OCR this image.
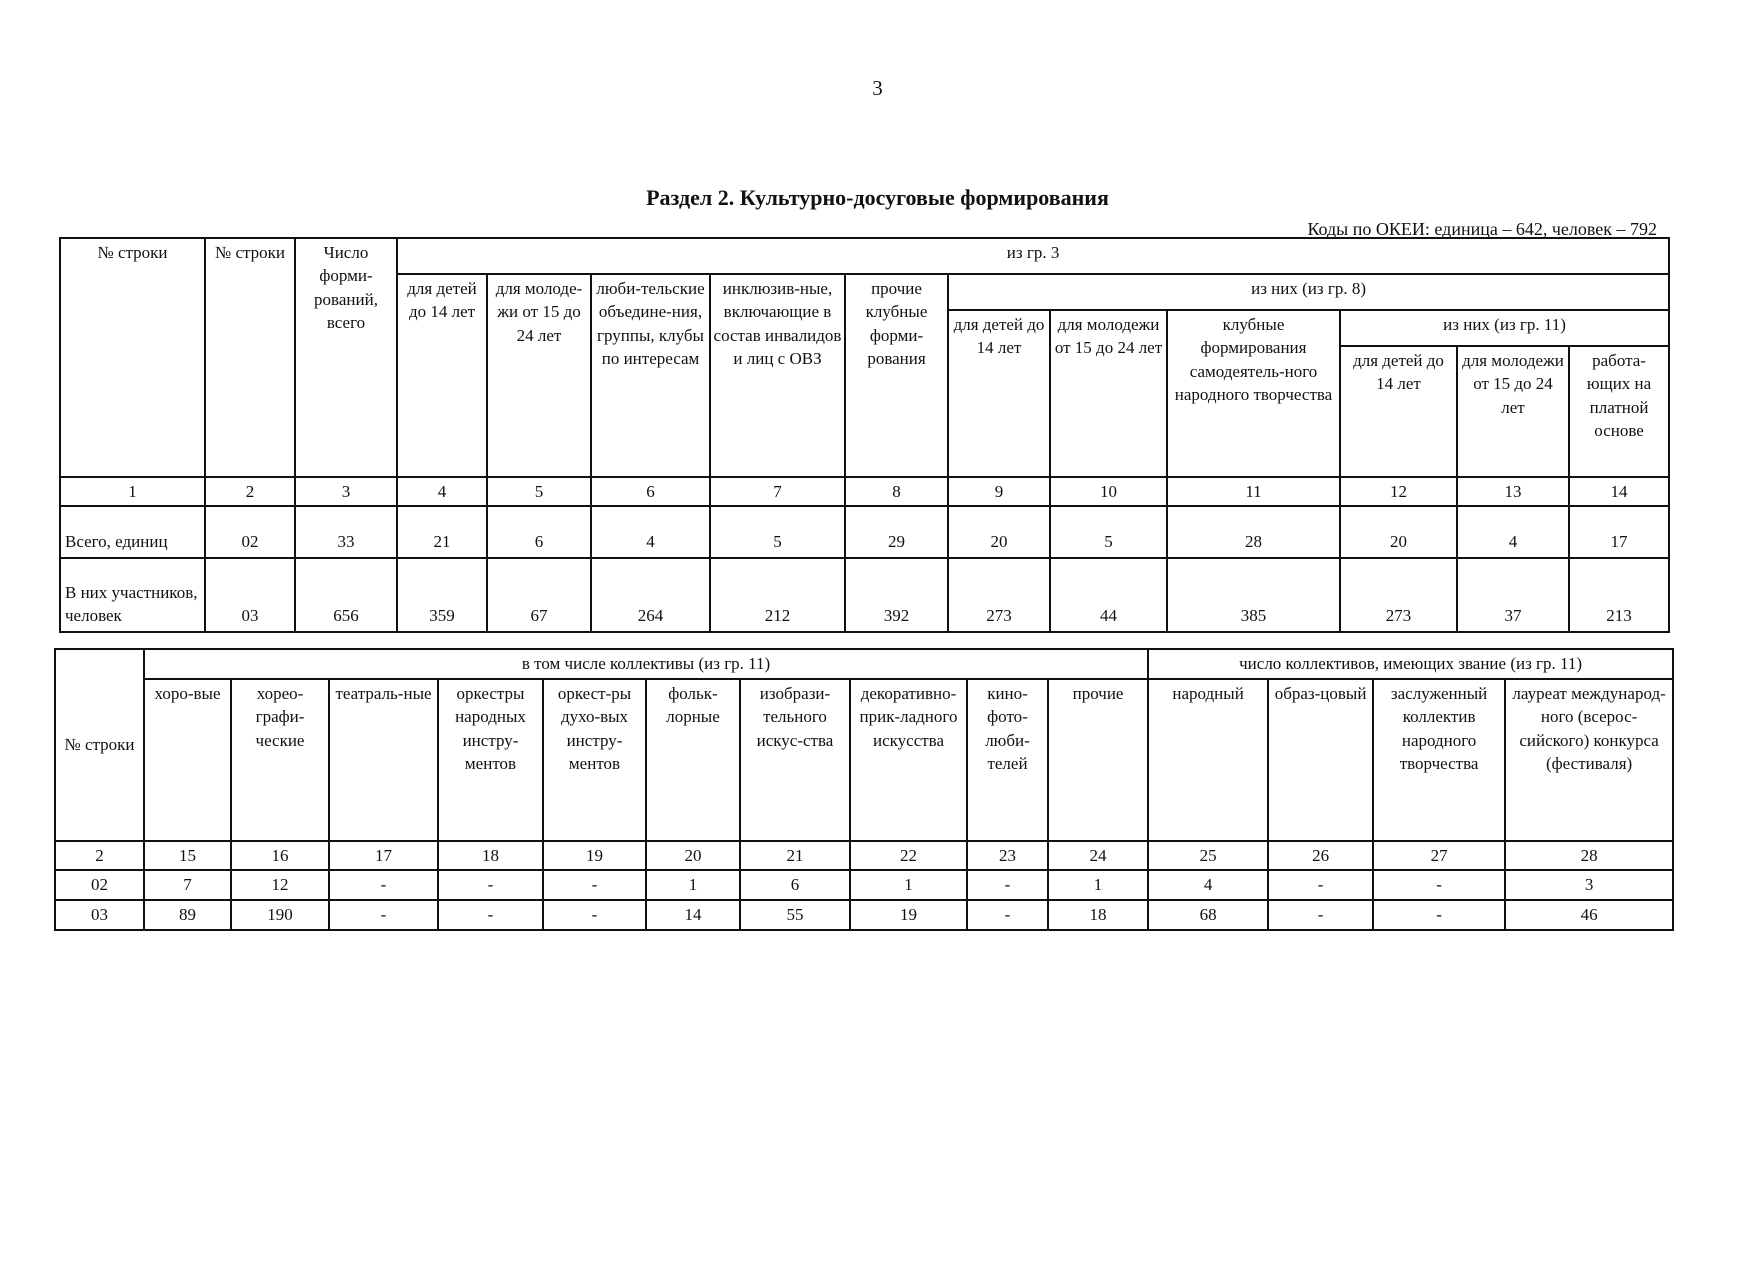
3
Раздел 2. Культурно-досуговые формирования
Коды по ОКЕИ: единица – 642, человек – 792
№ строки	№ строки	Число форми-рований, всего	из гр. 3										
			для детей до 14 лет	для молоде-жи от 15 до 24 лет	люби-тельские объедине-ния, группы, клубы по интересам	инклюзив-ные, включающие в состав инвалидов и лиц с ОВЗ	прочие клубные форми-рования	из них (из гр. 8)					
								для детей до 14 лет	для молодежи от 15 до 24 лет	клубные формирования самодеятель-ного народного творчества	из них (из гр. 11)		
											для детей до 14 лет	для молодежи от 15 до 24 лет	работа-ющих на платной основе
1	2	3	4	5	6	7	8	9	10	11	12	13	14
Всего, единиц	02	33	21	6	4	5	29	20	5	28	20	4	17
В них участников, человек	03	656	359	67	264	212	392	273	44	385	273	37	213
№ строки	в том числе коллективы (из гр. 11)										число коллективов, имеющих звание (из гр. 11)			
	хоро-вые	хорео-графи-ческие	театраль-ные	оркестры народных инстру-ментов	оркест-ры духо-вых инстру-ментов	фольк-лорные	изобрази-тельного искус-ства	декоративно-прик-ладного искусства	кино-фото-люби-телей	прочие	народный	образ-цовый	заслуженный коллектив народного творчества	лауреат международ-ного (всерос-сийского) конкурса (фестиваля)
2	15	16	17	18	19	20	21	22	23	24	25	26	27	28
02	7	12	-	-	-	1	6	1	-	1	4	-	-	3
03	89	190	-	-	-	14	55	19	-	18	68	-	-	46
